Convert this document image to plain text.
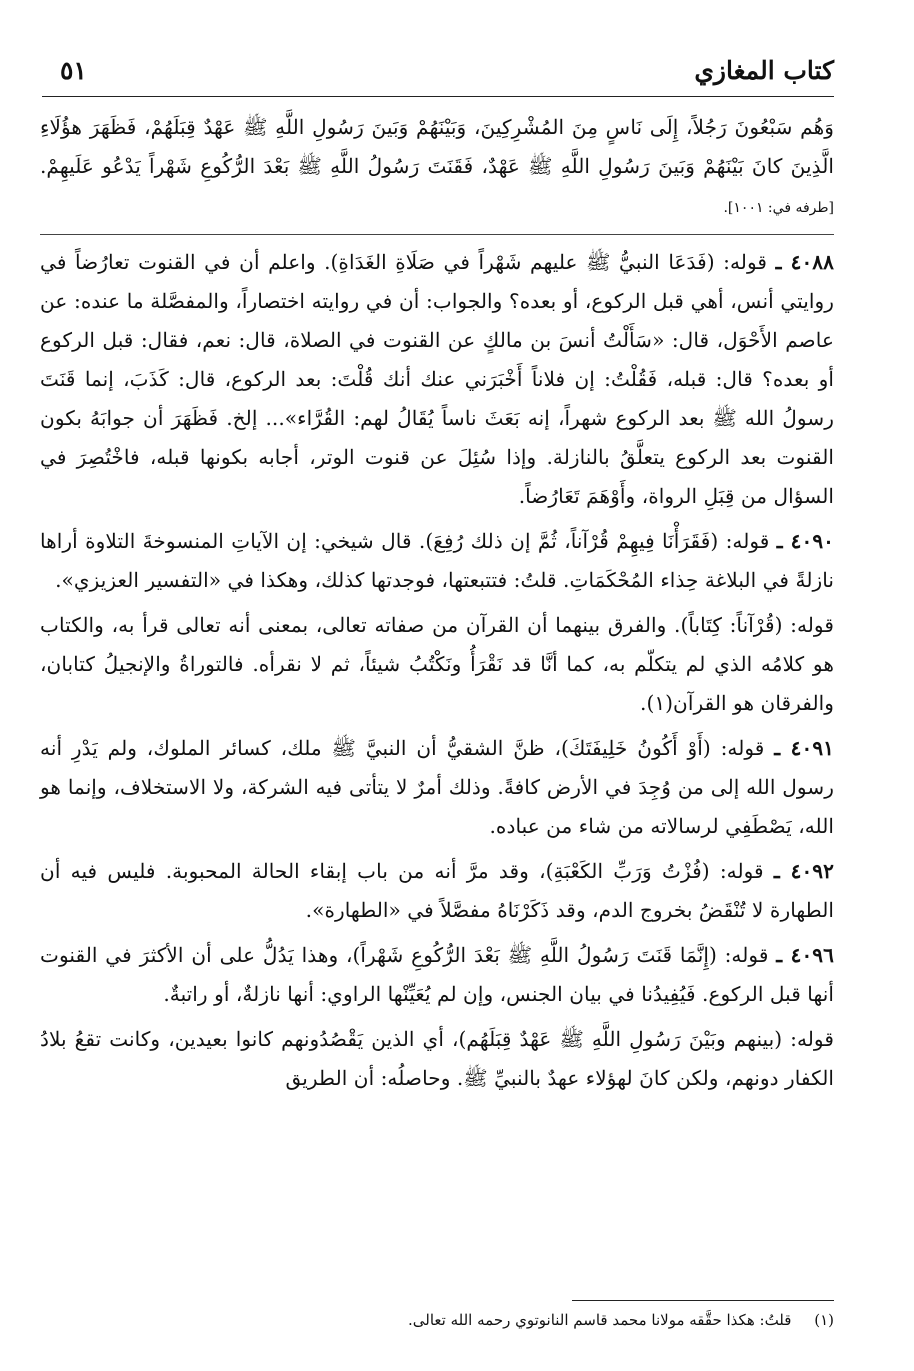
كتاب المغازي
٥١

وَهُم سَبْعُونَ رَجُلاً، إِلَى نَاسٍ مِنَ المُشْرِكِينَ، وَبَيْنَهُمْ وَبَينَ رَسُولِ اللَّهِ ﷺ عَهْدٌ قِبَلَهُمْ، فَظَهَرَ هؤُلَاءِ الَّذِينَ كانَ بَيْنَهُمْ وَبَينَ رَسُولِ اللَّهِ ﷺ عَهْدٌ، فَقَنَتَ رَسُولُ اللَّهِ ﷺ بَعْدَ الرُّكُوعِ شَهْراً يَدْعُو عَلَيهِمْ. [طرفه في: ١٠٠١].

٤٠٨٨ ـ قوله: (فَدَعَا النبيُّ ﷺ عليهم شَهْراً في صَلَاةِ الغَدَاةِ). واعلم أن في القنوت تعارُضاً في روايتي أنس، أهي قبل الركوع، أو بعده؟ والجواب: أن في روايته اختصاراً، والمفصَّلة ما عنده: عن عاصم الأَحْوَل، قال: «سَأَلْتُ أنسَ بن مالكٍ عن القنوت في الصلاة، قال: نعم، فقال: قبل الركوع أو بعده؟ قال: قبله، فَقُلْتُ: إن فلاناً أَخْبَرَني عنك أنك قُلْتَ: بعد الركوع، قال: كَذَبَ، إنما قَنَتَ رسولُ الله ﷺ بعد الركوع شهراً، إنه بَعَثَ ناساً يُقَالُ لهم: القُرَّاء»... إلخ. فَظَهَرَ أن جوابَهُ بكون القنوت بعد الركوع يتعلَّقُ بالنازلة. وإذا سُئِلَ عن قنوت الوتر، أجابه بكونها قبله، فاخْتُصِرَ في السؤال من قِبَلِ الرواة، وأَوْهَمَ تَعَارُضاً.

٤٠٩٠ ـ قوله: (فَقَرَأْنَا فِيهِمْ قُرْآناً، ثُمَّ إن ذلك رُفِعَ). قال شيخي: إن الآياتِ المنسوخةَ التلاوة أراها نازلةً في البلاغة حِذاء المُحْكَمَاتِ. قلتُ: فتتبعتها، فوجدتها كذلك، وهكذا في «التفسير العزيزي».

قوله: (قُرْآناً: كِتَاباً). والفرق بينهما أن القرآن من صفاته تعالى، بمعنى أنه تعالى قرأ به، والكتاب هو كلامُه الذي لم يتكلّم به، كما أنَّا قد نَقْرَأُ ونَكْتُبُ شيئاً، ثم لا نقرأه. فالتوراةُ والإنجيلُ كتابان، والفرقان هو القرآن(١).

٤٠٩١ ـ قوله: (أَوْ أَكُونُ خَلِيفَتَكَ)، ظنَّ الشقيُّ أن النبيَّ ﷺ ملك، كسائر الملوك، ولم يَدْرِ أنه رسول الله إلى من وُجِدَ في الأرض كافةً. وذلك أمرٌ لا يتأتى فيه الشركة، ولا الاستخلاف، وإنما هو الله، يَصْطَفِي لرسالاته من شاء من عباده.

٤٠٩٢ ـ قوله: (فُزْتُ وَرَبِّ الكَعْبَةِ)، وقد مرَّ أنه من باب إبقاء الحالة المحبوبة. فليس فيه أن الطهارة لا تُنْقَضُ بخروج الدم، وقد ذَكَرْنَاهُ مفصَّلاً في «الطهارة».

٤٠٩٦ ـ قوله: (إِنَّمَا قَنَتَ رَسُولُ اللَّهِ ﷺ بَعْدَ الرُّكُوعِ شَهْراً)، وهذا يَدُلُّ على أن الأكثرَ في القنوت أنها قبل الركوع. فَيُفِيدُنا في بيان الجنس، وإن لم يُعَيِّنْها الراوي: أنها نازلةٌ، أو راتبةٌ.

قوله: (بينهم وبَيْنَ رَسُولِ اللَّهِ ﷺ عَهْدٌ قِبَلَهُم)، أي الذين يَقْصُدُونهم كانوا بعيدين، وكانت تقعُ بلادُ الكفار دونهم، ولكن كانَ لهؤلاء عهدٌ بالنبيِّ ﷺ. وحاصلُه: أن الطريق

(١) قلتُ: هكذا حقَّقه مولانا محمد قاسم النانوتوي رحمه الله تعالى.
